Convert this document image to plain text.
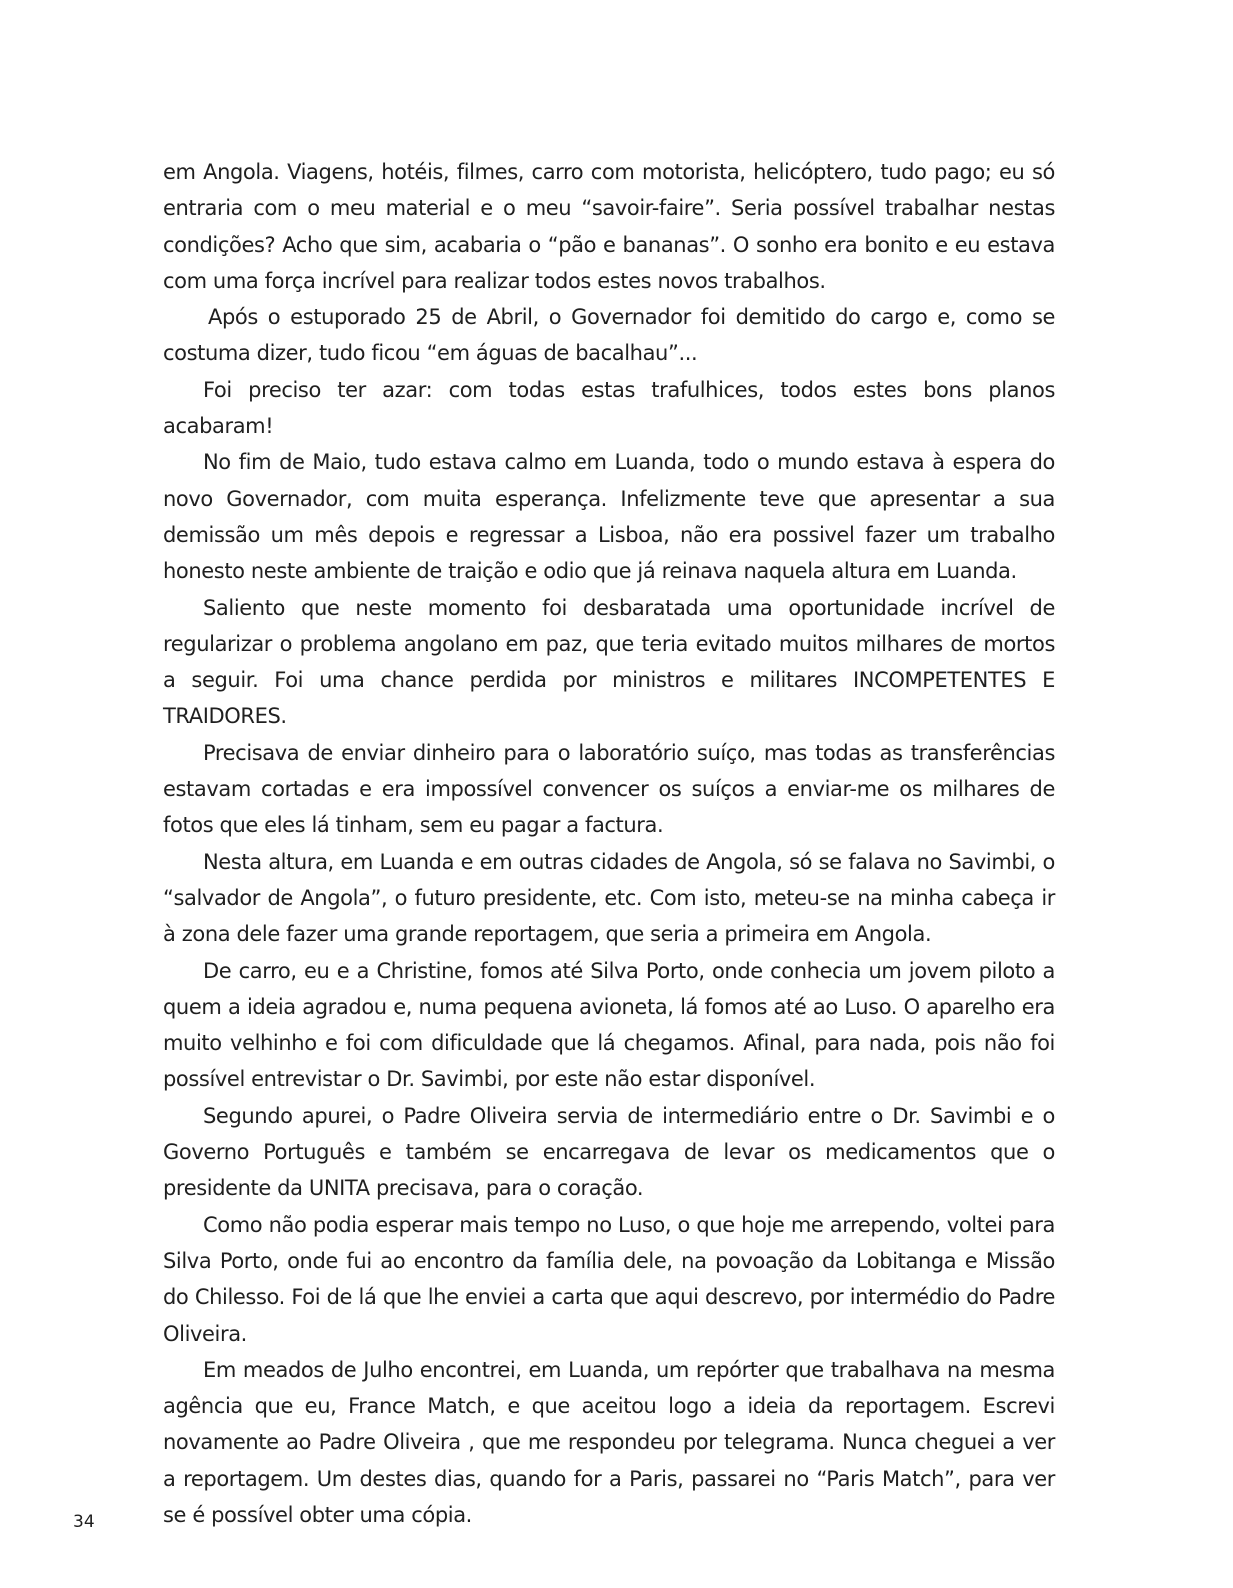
em Angola. Viagens, hotéis, filmes, carro com motorista, helicóptero, tudo pago; eu só entraria com o meu material e o meu “savoir-faire”. Seria possível trabalhar nestas condições? Acho que sim, acabaria o “pão e bananas”. O sonho era bonito e eu estava com uma força incrível para realizar todos estes novos trabalhos.

Após o estuporado 25 de Abril, o Governador foi demitido do cargo e, como se costuma dizer, tudo ficou “em águas de bacalhau”...

Foi preciso ter azar: com todas estas trafulhices, todos estes bons planos acabaram!

No fim de Maio, tudo estava calmo em Luanda, todo o mundo estava à espera do novo Governador, com muita esperança. Infelizmente teve que apresentar a sua demissão um mês depois e regressar a Lisboa, não era possivel fazer um trabalho honesto neste ambiente de traição e odio que já reinava naquela altura em Luanda.

Saliento que neste momento foi desbaratada uma oportunidade incrível de regularizar o problema angolano em paz, que teria evitado muitos milhares de mortos a seguir. Foi uma chance perdida por ministros e militares INCOMPETENTES E TRAIDORES.

Precisava de enviar dinheiro para o laboratório suíço, mas todas as transferências estavam cortadas e era impossível convencer os suíços a enviar-me os milhares de fotos que eles lá tinham, sem eu pagar a factura.

Nesta altura, em Luanda e em outras cidades de Angola, só se falava no Savimbi, o “salvador de Angola”, o futuro presidente, etc. Com isto, meteu-se na minha cabeça ir à zona dele fazer uma grande reportagem, que seria a primeira em Angola.

De carro, eu e a Christine, fomos até Silva Porto, onde conhecia um jovem piloto a quem a ideia agradou e, numa pequena avioneta, lá fomos até ao Luso. O aparelho era muito velhinho e foi com dificuldade que lá chegamos. Afinal, para nada, pois não foi possível entrevistar o Dr. Savimbi, por este não estar disponível.

Segundo apurei, o Padre Oliveira servia de intermediário entre o Dr. Savimbi e o Governo Português e também se encarregava de levar os medicamentos que o presidente da UNITA precisava, para o coração.

Como não podia esperar mais tempo no Luso, o que hoje me arrependo, voltei para Silva Porto, onde fui ao encontro da família dele, na povoação da Lobitanga e Missão do Chilesso. Foi de lá que lhe enviei a carta que aqui descrevo, por intermédio do Padre Oliveira.

Em meados de Julho encontrei, em Luanda, um repórter que trabalhava na mesma agência que eu, France Match, e que aceitou logo a ideia da reportagem. Escrevi novamente ao Padre Oliveira , que me respondeu por telegrama. Nunca cheguei a ver a reportagem. Um destes dias, quando for a Paris, passarei no “Paris Match”, para ver se é possível obter uma cópia.

34
